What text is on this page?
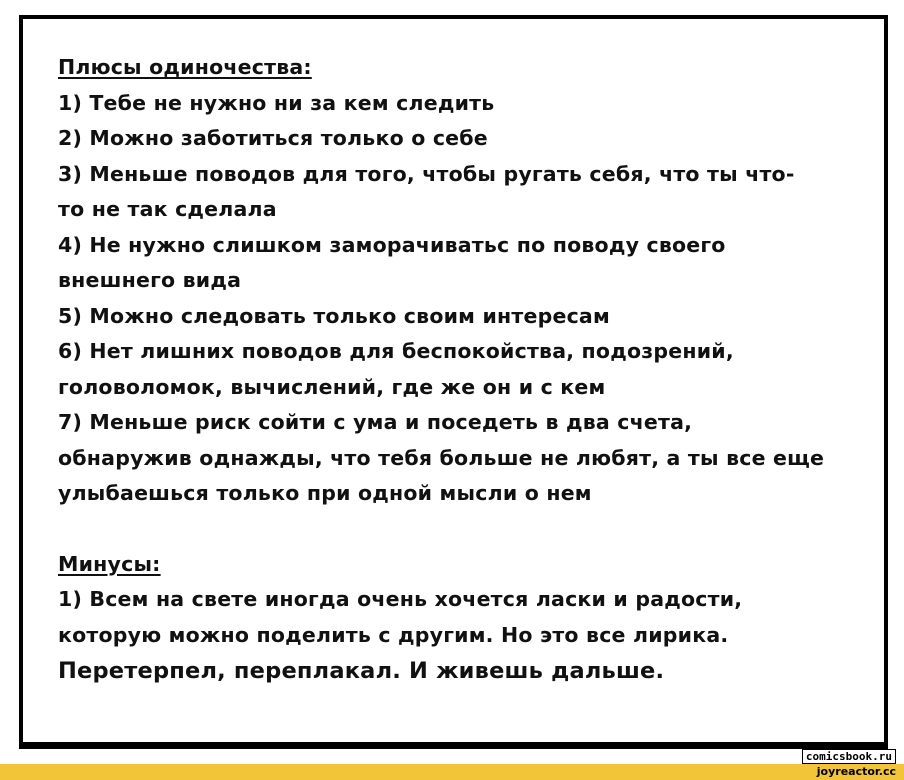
Плюсы одиночества:
1) Тебе не нужно ни за кем следить
2) Можно заботиться только о себе
3) Меньше поводов для того, чтобы ругать себя, что ты что-
то не так сделала
4) Не нужно слишком заморачиватьс по поводу своего
внешнего вида
5) Можно следовать только своим интересам
6) Нет лишних поводов для беспокойства, подозрений,
головоломок, вычислений, где же он и с кем
7) Меньше риск сойти с ума и поседеть в два счета,
обнаружив однажды, что тебя больше не любят, а ты все еще
улыбаешься только при одной мысли о нем
Минусы:
1) Всем на свете иногда очень хочется ласки и радости,
которую можно поделить с другим. Но это все лирика.
Перетерпел, переплакал. И живешь дальше.
comicsbook.ru
joyreactor.cc
